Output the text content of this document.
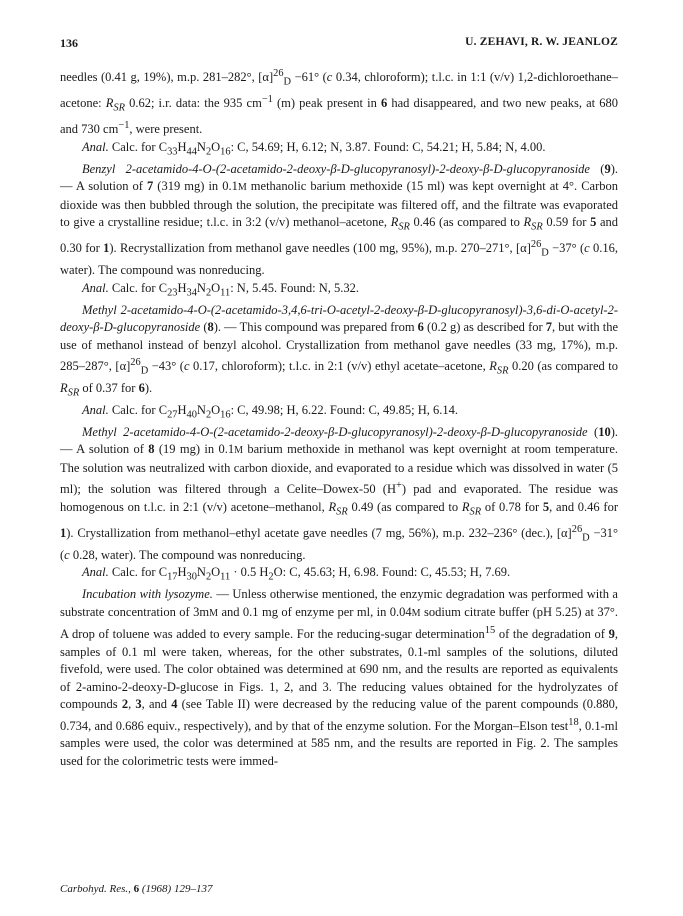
136	U. ZEHAVI, R. W. JEANLOZ

needles (0.41 g, 19%), m.p. 281–282°, $[\alpha]^{26}_D -61^\circ$ (c 0.34, chloroform); t.l.c. in 1:1 (v/v) 1,2-dichloroethane–acetone: $R_{SR}$ 0.62; i.r. data: the 935 $cm^{-1}$ (m) peak present in 6 had disappeared, and two new peaks, at 680 and 730 $cm^{-1}$, were present.

Anal. Calc. for $C_{33}H_{44}N_2O_{16}$: C, 54.69; H, 6.12; N, 3.87. Found: C, 54.21; H, 5.84; N, 4.00.

Benzyl 2-acetamido-4-O-(2-acetamido-2-deoxy-β-D-glucopyranosyl)-2-deoxy-β-D-glucopyranoside (9). — A solution of 7 (319 mg) in 0.1M methanolic barium methoxide (15 ml) was kept overnight at 4°. Carbon dioxide was then bubbled through the solution, the precipitate was filtered off, and the filtrate was evaporated to give a crystalline residue; t.l.c. in 3:2 (v/v) methanol–acetone, $R_{SR}$ 0.46 (as compared to $R_{SR}$ 0.59 for 5 and 0.30 for 1). Recrystallization from methanol gave needles (100 mg, 95%), m.p. 270–271°, $[\alpha]^{26}_D -37^\circ$ (c 0.16, water). The compound was nonreducing.

Anal. Calc. for $C_{23}H_{34}N_2O_{11}$: N, 5.45. Found: N, 5.32.

Methyl 2-acetamido-4-O-(2-acetamido-3,4,6-tri-O-acetyl-2-deoxy-β-D-glucopyranosyl)-3,6-di-O-acetyl-2-deoxy-β-D-glucopyranoside (8). — This compound was prepared from 6 (0.2 g) as described for 7, but with the use of methanol instead of benzyl alcohol. Crystallization from methanol gave needles (33 mg, 17%), m.p. 285–287°, $[\alpha]^{26}_D -43^\circ$ (c 0.17, chloroform); t.l.c. in 2:1 (v/v) ethyl acetate–acetone, $R_{SR}$ 0.20 (as compared to $R_{SR}$ of 0.37 for 6).

Anal. Calc. for $C_{27}H_{40}N_2O_{16}$: C, 49.98; H, 6.22. Found: C, 49.85; H, 6.14.

Methyl 2-acetamido-4-O-(2-acetamido-2-deoxy-β-D-glucopyranosyl)-2-deoxy-β-D-glucopyranoside (10). — A solution of 8 (19 mg) in 0.1M barium methoxide in methanol was kept overnight at room temperature. The solution was neutralized with carbon dioxide, and evaporated to a residue which was dissolved in water (5 ml); the solution was filtered through a Celite–Dowex-50 (H+) pad and evaporated. The residue was homogenous on t.l.c. in 2:1 (v/v) acetone–methanol, $R_{SR}$ 0.49 (as compared to $R_{SR}$ of 0.78 for 5, and 0.46 for 1). Crystallization from methanol–ethyl acetate gave needles (7 mg, 56%), m.p. 232–236° (dec.), $[\alpha]^{26}_D -31^\circ$ (c 0.28, water). The compound was nonreducing.

Anal. Calc. for $C_{17}H_{30}N_2O_{11} \cdot 0.5$ $H_2O$: C, 45.63; H, 6.98. Found: C, 45.53; H, 7.69.

Incubation with lysozyme. — Unless otherwise mentioned, the enzymic degradation was performed with a substrate concentration of 3mM and 0.1 mg of enzyme per ml, in 0.04M sodium citrate buffer (pH 5.25) at 37°. A drop of toluene was added to every sample. For the reducing-sugar determination$^{15}$ of the degradation of 9, samples of 0.1 ml were taken, whereas, for the other substrates, 0.1-ml samples of the solutions, diluted fivefold, were used. The color obtained was determined at 690 nm, and the results are reported as equivalents of 2-amino-2-deoxy-D-glucose in Figs. 1, 2, and 3. The reducing values obtained for the hydrolyzates of compounds 2, 3, and 4 (see Table II) were decreased by the reducing value of the parent compounds (0.880, 0.734, and 0.686 equiv., respectively), and by that of the enzyme solution. For the Morgan–Elson test$^{18}$, 0.1-ml samples were used, the color was determined at 585 nm, and the results are reported in Fig. 2. The samples used for the colorimetric tests were immed-

Carbohyd. Res., 6 (1968) 129–137
